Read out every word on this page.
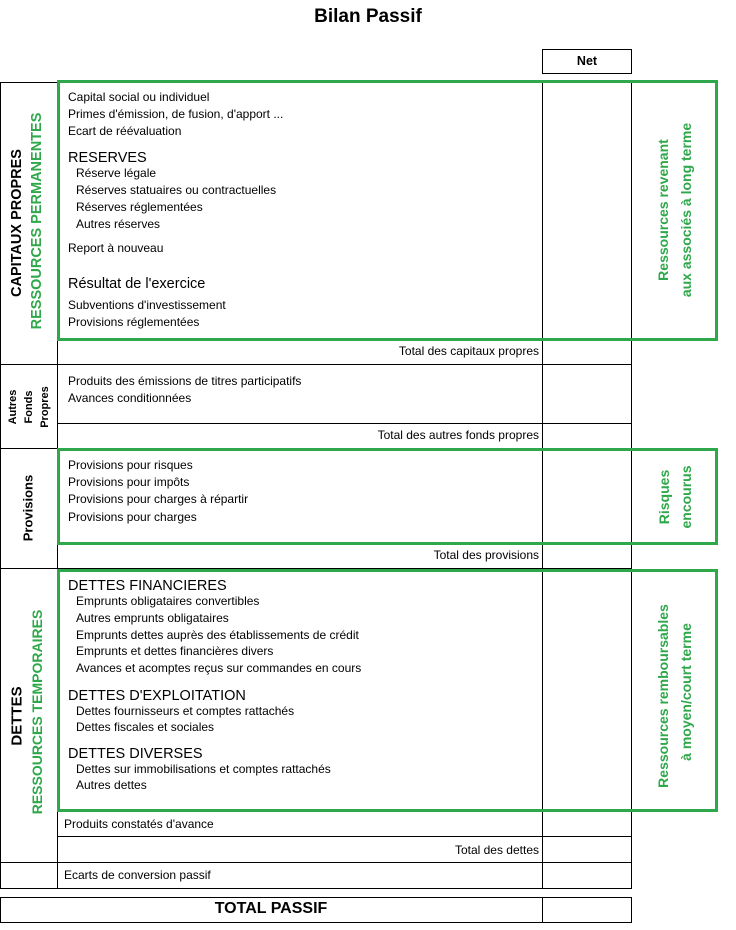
Bilan Passif
Net
TOTAL PASSIF
CAPITAUX PROPRES RESSOURCES PERMANENTES
Autres Fonds Propres
Provisions
DETTES RESSOURCES TEMPORAIRES
Ressources revenant aux associés à long terme
Risques encourus
Ressources remboursables à moyen/court terme
Capital social ou individuel
Primes d'émission, de fusion, d'apport ...
Ecart de réévaluation
RESERVES
Réserve légale
Réserves statuaires ou contractuelles
Réserves réglementées
Autres réserves
Report à nouveau
Résultat de l'exercice
Subventions d'investissement
Provisions réglementées
Total des capitaux propres
Produits des émissions de titres participatifs
Avances conditionnées
Total des autres fonds propres
Provisions pour risques
Provisions pour impôts
Provisions pour charges à répartir
Provisions pour charges
Total des provisions
DETTES FINANCIERES
Emprunts obligataires convertibles
Autres emprunts obligataires
Emprunts dettes auprès des établissements de crédit
Emprunts et dettes financières divers
Avances et acomptes reçus sur commandes en cours
DETTES D'EXPLOITATION
Dettes fournisseurs et comptes rattachés
Dettes fiscales et sociales
DETTES DIVERSES
Dettes sur immobilisations et comptes rattachés
Autres dettes
Produits constatés d'avance
Total des dettes
Ecarts de conversion passif
